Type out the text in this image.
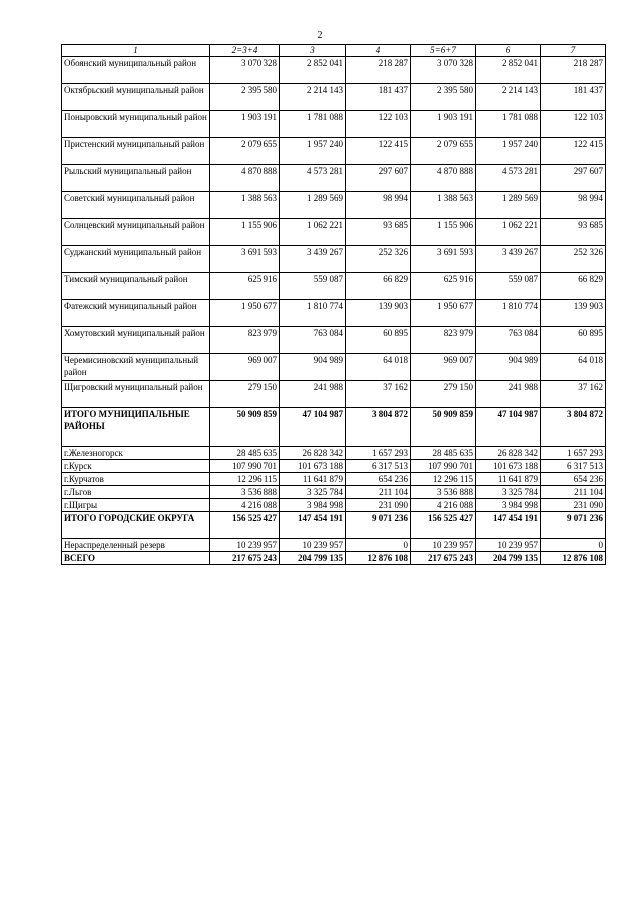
2
1	2=3+4	3	4	5=6+7	6	7
Обоянский муниципальный район	3 070 328	2 852 041	218 287	3 070 328	2 852 041	218 287
Октябрьский муниципальный район	2 395 580	2 214 143	181 437	2 395 580	2 214 143	181 437
Поныровский муниципальный район	1 903 191	1 781 088	122 103	1 903 191	1 781 088	122 103
Пристенский муниципальный район	2 079 655	1 957 240	122 415	2 079 655	1 957 240	122 415
Рыльский муниципальный район	4 870 888	4 573 281	297 607	4 870 888	4 573 281	297 607
Советский муниципальный район	1 388 563	1 289 569	98 994	1 388 563	1 289 569	98 994
Солнцевский муниципальный район	1 155 906	1 062 221	93 685	1 155 906	1 062 221	93 685
Суджанский муниципальный район	3 691 593	3 439 267	252 326	3 691 593	3 439 267	252 326
Тимский муниципальный район	625 916	559 087	66 829	625 916	559 087	66 829
Фатежский муниципальный район	1 950 677	1 810 774	139 903	1 950 677	1 810 774	139 903
Хомутовский муниципальный район	823 979	763 084	60 895	823 979	763 084	60 895
Черемисиновский муниципальный район	969 007	904 989	64 018	969 007	904 989	64 018
Щигровский муниципальный район	279 150	241 988	37 162	279 150	241 988	37 162
ИТОГО МУНИЦИПАЛЬНЫЕ РАЙОНЫ	50 909 859	47 104 987	3 804 872	50 909 859	47 104 987	3 804 872
г.Железногорск	28 485 635	26 828 342	1 657 293	28 485 635	26 828 342	1 657 293
г.Курск	107 990 701	101 673 188	6 317 513	107 990 701	101 673 188	6 317 513
г.Курчатов	12 296 115	11 641 879	654 236	12 296 115	11 641 879	654 236
г.Льгов	3 536 888	3 325 784	211 104	3 536 888	3 325 784	211 104
г.Щигры	4 216 088	3 984 998	231 090	4 216 088	3 984 998	231 090
ИТОГО ГОРОДСКИЕ ОКРУГА	156 525 427	147 454 191	9 071 236	156 525 427	147 454 191	9 071 236
Нераспределенный резерв	10 239 957	10 239 957	0	10 239 957	10 239 957	0
ВСЕГО	217 675 243	204 799 135	12 876 108	217 675 243	204 799 135	12 876 108
